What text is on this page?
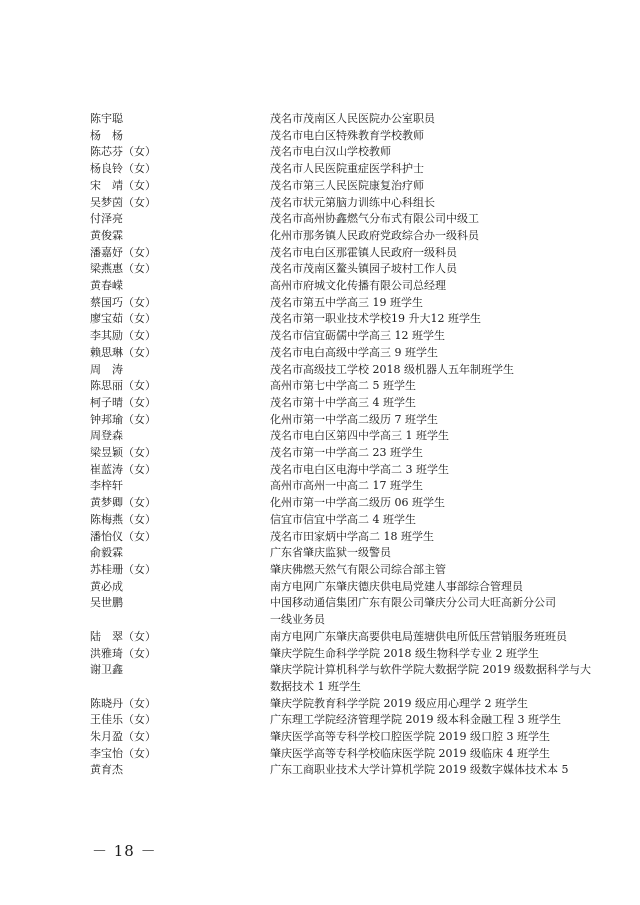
陈宇聪	茂名市茂南区人民医院办公室职员
杨　杨	茂名市电白区特殊教育学校教师
陈芯芬（女）	茂名市电白汉山学校教师
杨良铃（女）	茂名市人民医院重症医学科护士
宋　靖（女）	茂名市第三人民医院康复治疗师
吴梦茵（女）	茂名市状元第脑力训练中心科组长
付泽亮	茂名市高州协鑫燃气分布式有限公司中级工
黄俊霖	化州市那务镇人民政府党政综合办一级科员
潘嘉妤（女）	茂名市电白区那霍镇人民政府一级科员
梁燕惠（女）	茂名市茂南区鳌头镇园子坡村工作人员
黄春嵘	高州市府城文化传播有限公司总经理
蔡国巧（女）	茂名市第五中学高三 19 班学生
廖宝茹（女）	茂名市第一职业技术学校19 升大12 班学生
李其励（女）	茂名市信宜砺儒中学高三 12 班学生
赖思琳（女）	茂名市电白高级中学高三 9 班学生
周　涛	茂名市高级技工学校 2018 级机器人五年制班学生
陈思丽（女）	高州市第七中学高二 5 班学生
柯子晴（女）	茂名市第十中学高三 4 班学生
钟邦瑜（女）	化州市第一中学高二级历 7 班学生
周登森	茂名市电白区第四中学高三 1 班学生
梁昱颖（女）	茂名市第一中学高二 23 班学生
崔蓝涛（女）	茂名市电白区电海中学高二 3 班学生
李梓轩	高州市高州一中高二 17 班学生
黄梦卿（女）	化州市第一中学高二级历 06 班学生
陈梅燕（女）	信宜市信宜中学高二 4 班学生
潘怡仪（女）	茂名市田家炳中学高二 18 班学生
俞毅霖	广东省肇庆监狱一级警员
苏桂珊（女）	肇庆佛燃天然气有限公司综合部主管
黄必成	南方电网广东肇庆德庆供电局党建人事部综合管理员
吴世鹏	中国移动通信集团广东有限公司肇庆分公司大旺高新分公司
一线业务员
陆　翠（女）	南方电网广东肇庆高要供电局莲塘供电所低压营销服务班班员
洪雅琦（女）	肇庆学院生命科学学院 2018 级生物科学专业 2 班学生
谢卫鑫	肇庆学院计算机科学与软件学院大数据学院 2019 级数据科学与大
数据技术 1 班学生
陈晓丹（女）	肇庆学院教育科学学院 2019 级应用心理学 2 班学生
王佳乐（女）	广东理工学院经济管理学院 2019 级本科金融工程 3 班学生
朱月盈（女）	肇庆医学高等专科学校口腔医学院 2019 级口腔 3 班学生
李宝怡（女）	肇庆医学高等专科学校临床医学院 2019 级临床 4 班学生
黄育杰	广东工商职业技术大学计算机学院 2019 级数字媒体技术本 5
－ 18 －
